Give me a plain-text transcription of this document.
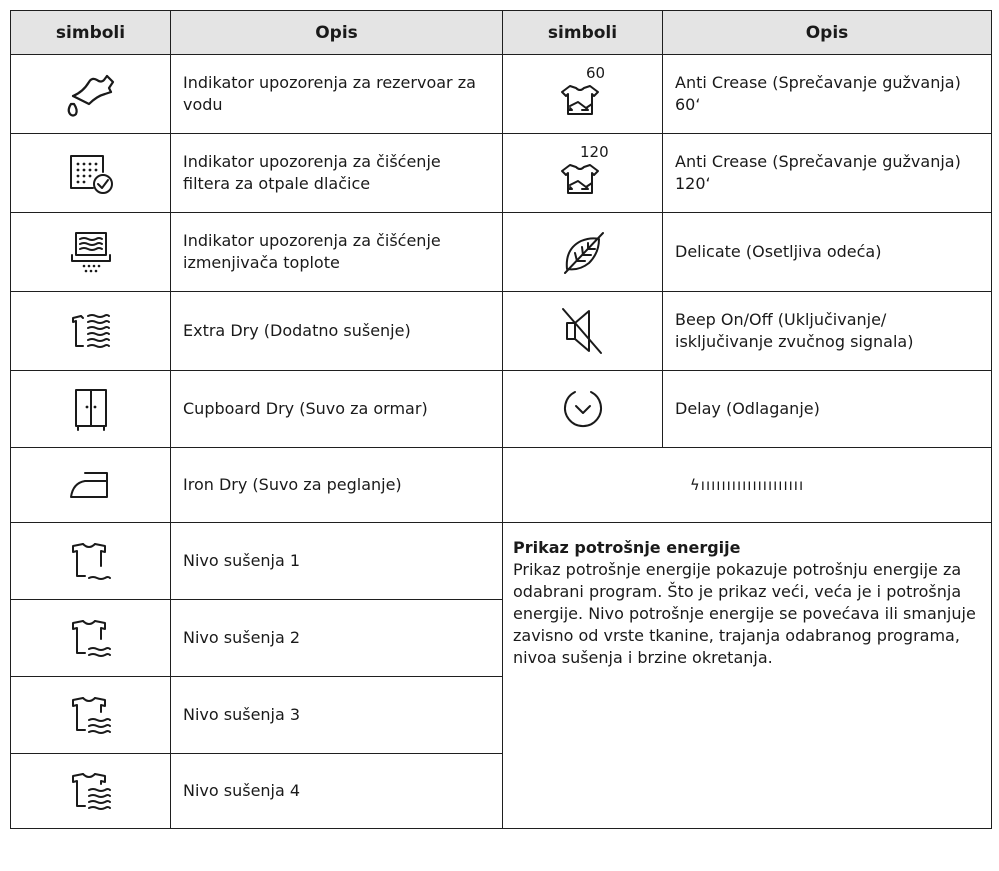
simboli	Opis	simboli	Opis

	Indikator upozorenja za rezervoar za vodu	60	Anti Crease (Sprečavanje gužvanja) 60‘

	Indikator upozorenja za čišćenje filtera za otpale dlačice	120	Anti Crease (Sprečavanje gužvanja) 120‘

	Indikator upozorenja za čišćenje izmenjivača toplote		Delicate (Osetljiva odeća)

	Extra Dry (Dodatno sušenje)		Beep On/Off (Uključivanje/ isključivanje zvučnog signala)

	Cupboard Dry (Suvo za ormar)		Delay (Odlaganje)

	Iron Dry (Suvo za peglanje)	ϟıııııııııııııııııııı	

	Nivo sušenja 1	Prikaz potrošnje energije
Prikaz potrošnje energije pokazuje potrošnju energije za odabrani program. Što je prikaz veći, veća je i potrošnja energije. Nivo potrošnje energije se povećava ili smanjuje zavisno od vrste tkanine, trajanja odabranog programa, nivoa sušenja i brzine okretanja.	

	Nivo sušenja 2		

	Nivo sušenja 3		

	Nivo sušenja 4		
